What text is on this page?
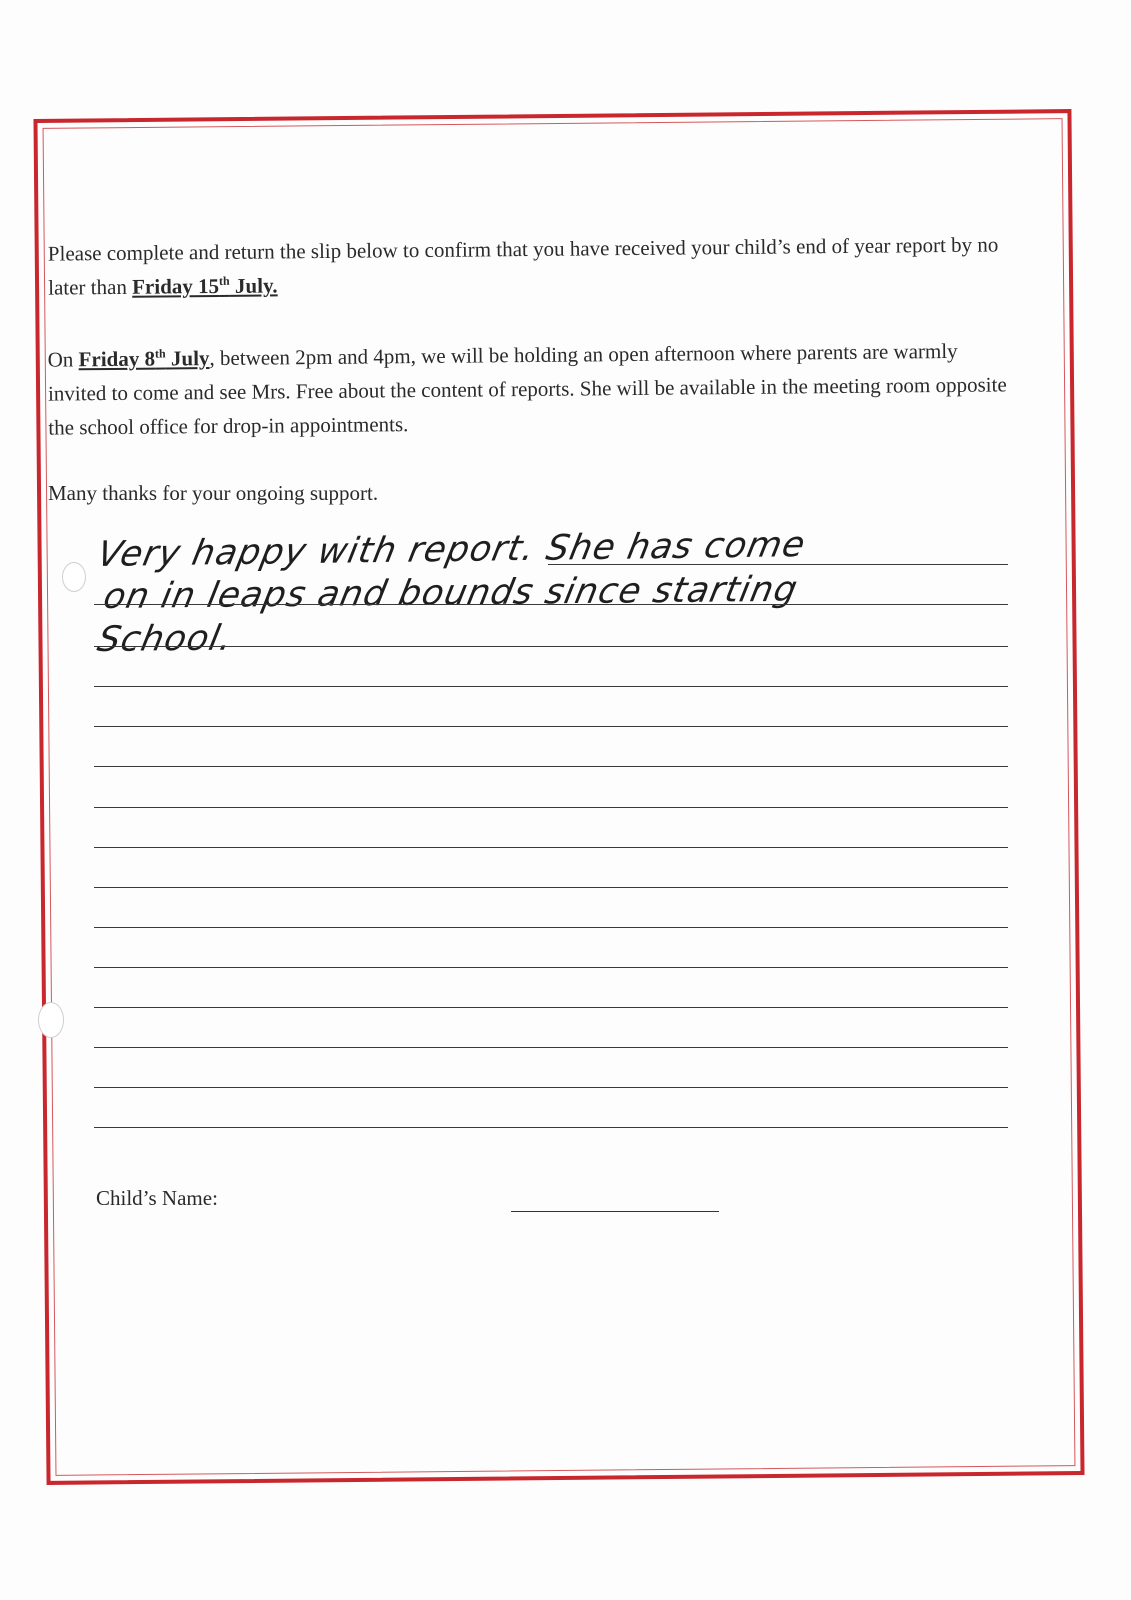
Please complete and return the slip below to confirm that you have received your child’s end of year report by no later than Friday 15th July.

On Friday 8th July, between 2pm and 4pm, we will be holding an open afternoon where parents are warmly invited to come and see Mrs. Free about the content of reports. She will be available in the meeting room opposite the school office for drop-in appointments.

Many thanks for your ongoing support.

Very happy with report. She has come
on in leaps and bounds since starting
School.
Child’s Name:
